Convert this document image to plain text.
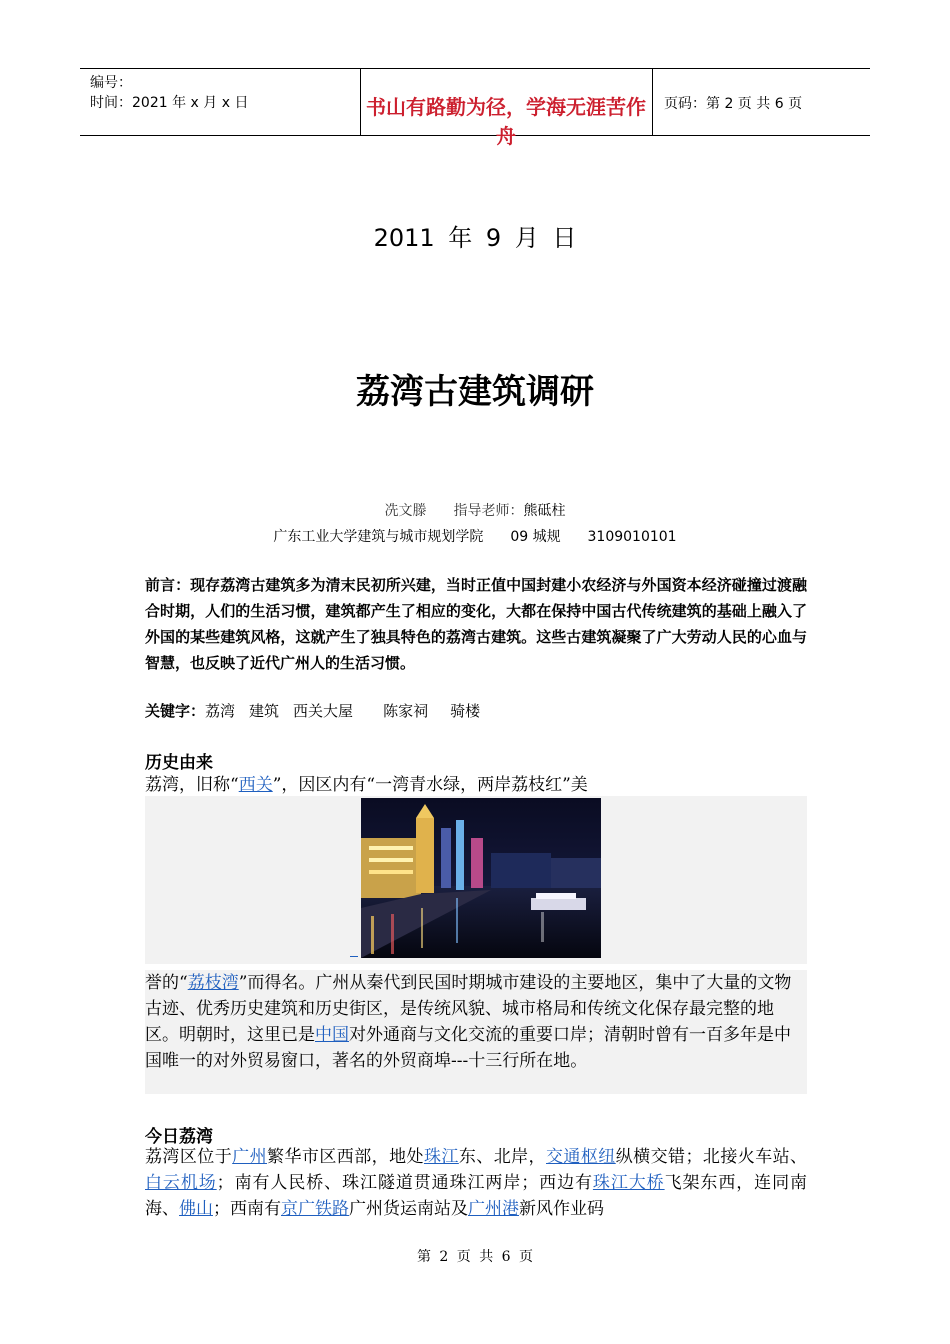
编号：
时间：2021 年 x 月 x 日	书山有路勤为径，学海无涯苦作舟
页码：第 2 页 共 6 页
2011 年 9 月 日
荔湾古建筑调研
冼文滕 指导老师：熊砥柱
广东工业大学建筑与城市规划学院 09 城规 3109010101
前言：现存荔湾古建筑多为清末民初所兴建，当时正值中国封建小农经济与外国资本经济碰撞过渡融合时期，人们的生活习惯，建筑都产生了相应的变化，大都在保持中国古代传统建筑的基础上融入了外国的某些建筑风格，这就产生了独具特色的荔湾古建筑。这些古建筑凝聚了广大劳动人民的心血与智慧，也反映了近代广州人的生活习惯。
关键字：荔湾 建筑 西关大屋 陈家祠 骑楼
历史由来
荔湾，旧称“西关”，因区内有“一湾青水绿，两岸荔枝红”美
誉的“荔枝湾”而得名。广州从秦代到民国时期城市建设的主要地区，集中了大量的文物古迹、优秀历史建筑和历史街区，是传统风貌、城市格局和传统文化保存最完整的地区。明朝时，这里已是中国对外通商与文化交流的重要口岸；清朝时曾有一百多年是中国唯一的对外贸易窗口，著名的外贸商埠---十三行所在地。
今日荔湾
荔湾区位于广州繁华市区西部，地处珠江东、北岸，交通枢纽纵横交错；北接火车站、白云机场；南有人民桥、珠江隧道贯通珠江两岸；西边有珠江大桥飞架东西，连同南海、佛山；西南有京广铁路广州货运南站及广州港新风作业码
第 2 页 共 6 页
